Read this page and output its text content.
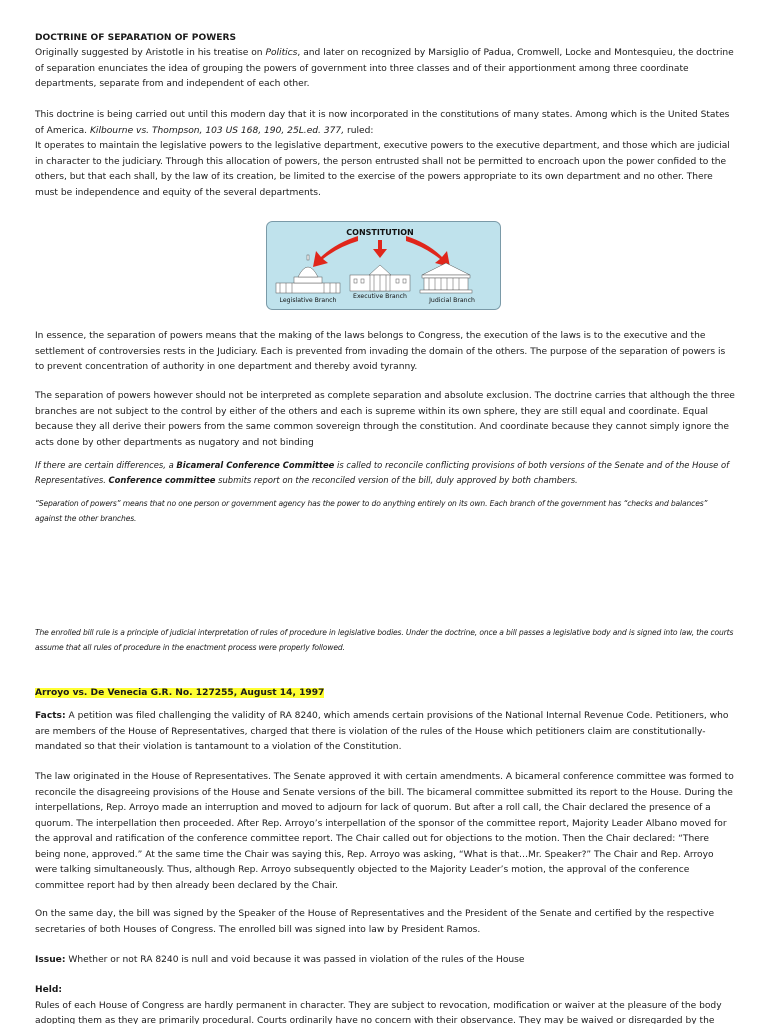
DOCTRINE OF SEPARATION OF POWERS

Originally suggested by Aristotle in his treatise on Politics, and later on recognized by Marsiglio of Padua, Cromwell, Locke and Montesquieu, the doctrine of separation enunciates the idea of grouping the powers of government into three classes and of their apportionment among three coordinate departments, separate from and independent of each other.

This doctrine is being carried out until this modern day that it is now incorporated in the constitutions of many states. Among which is the United States of America. Kilbourne vs. Thompson, 103 US 168, 190, 25L.ed. 377, ruled:
It operates to maintain the legislative powers to the legislative department, executive powers to the executive department, and those which are judicial in character to the judiciary. Through this allocation of powers, the person entrusted shall not be permitted to encroach upon the power confided to the others, but that each shall, by the law of its creation, be limited to the exercise of the powers appropriate to its own department and no other. There must be independence and equity of the several departments.

CONSTITUTION
Legislative Branch
Executive Branch
Judicial Branch

In essence, the separation of powers means that the making of the laws belongs to Congress, the execution of the laws is to the executive and the settlement of controversies rests in the Judiciary. Each is prevented from invading the domain of the others. The purpose of the separation of powers is to prevent concentration of authority in one department and thereby avoid tyranny.

The separation of powers however should not be interpreted as complete separation and absolute exclusion. The doctrine carries that although the three branches are not subject to the control by either of the others and each is supreme within its own sphere, they are still equal and coordinate. Equal because they all derive their powers from the same common sovereign through the constitution. And coordinate because they cannot simply ignore the acts done by other departments as nugatory and not binding

If there are certain differences, a Bicameral Conference Committee is called to reconcile conflicting provisions of both versions of the Senate and of the House of Representatives. Conference committee submits report on the reconciled version of the bill, duly approved by both chambers.

“Separation of powers” means that no one person or government agency has the power to do anything entirely on its own. Each branch of the government has “checks and balances” against the other branches.

The enrolled bill rule is a principle of judicial interpretation of rules of procedure in legislative bodies. Under the doctrine, once a bill passes a legislative body and is signed into law, the courts assume that all rules of procedure in the enactment process were properly followed.

Arroyo vs. De Venecia G.R. No. 127255, August 14, 1997

Facts: A petition was filed challenging the validity of RA 8240, which amends certain provisions of the National Internal Revenue Code. Petitioners, who are members of the House of Representatives, charged that there is violation of the rules of the House which petitioners claim are constitutionally-mandated so that their violation is tantamount to a violation of the Constitution.

The law originated in the House of Representatives. The Senate approved it with certain amendments. A bicameral conference committee was formed to reconcile the disagreeing provisions of the House and Senate versions of the bill. The bicameral committee submitted its report to the House. During the interpellations, Rep. Arroyo made an interruption and moved to adjourn for lack of quorum. But after a roll call, the Chair declared the presence of a quorum. The interpellation then proceeded. After Rep. Arroyo’s interpellation of the sponsor of the committee report, Majority Leader Albano moved for the approval and ratification of the conference committee report. The Chair called out for objections to the motion. Then the Chair declared: “There being none, approved.” At the same time the Chair was saying this, Rep. Arroyo was asking, “What is that…Mr. Speaker?” The Chair and Rep. Arroyo were talking simultaneously. Thus, although Rep. Arroyo subsequently objected to the Majority Leader’s motion, the approval of the conference committee report had by then already been declared by the Chair.

On the same day, the bill was signed by the Speaker of the House of Representatives and the President of the Senate and certified by the respective secretaries of both Houses of Congress. The enrolled bill was signed into law by President Ramos.

Issue: Whether or not RA 8240 is null and void because it was passed in violation of the rules of the House

Held:
Rules of each House of Congress are hardly permanent in character. They are subject to revocation, modification or waiver at the pleasure of the body adopting them as they are primarily procedural. Courts ordinarily have no concern with their observance. They may be waived or disregarded by the
